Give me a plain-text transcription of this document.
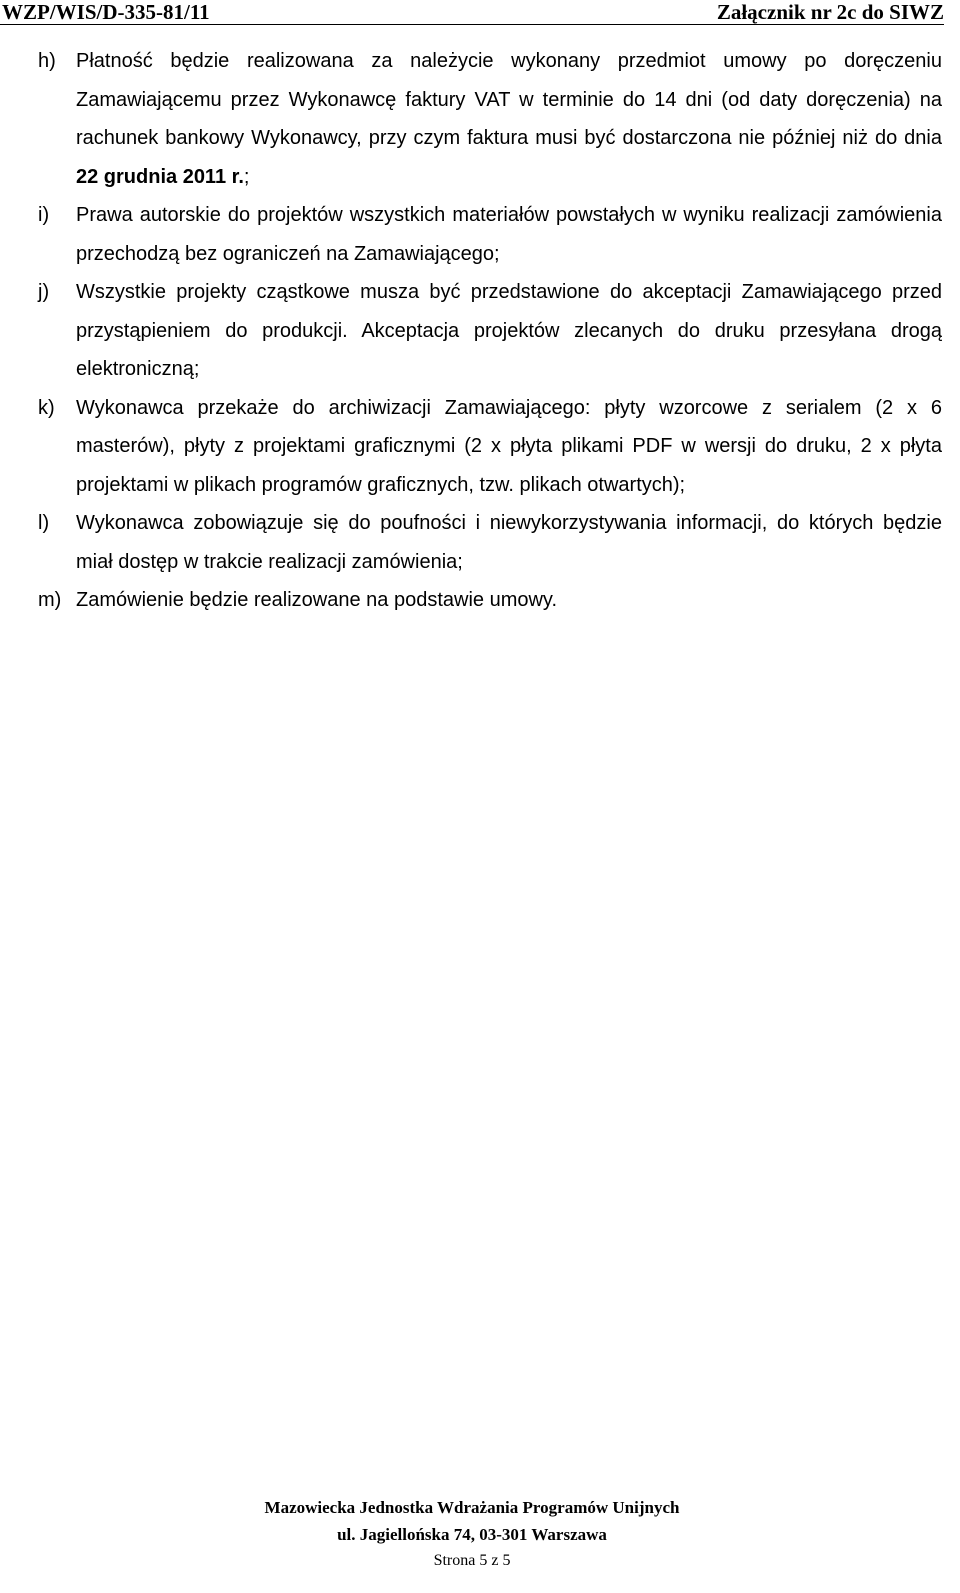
WZP/WIS/D-335-81/11	Załącznik nr 2c do SIWZ
h) Płatność będzie realizowana za należycie wykonany przedmiot umowy po doręczeniu Zamawiającemu przez Wykonawcę faktury VAT w terminie do 14 dni (od daty doręczenia) na rachunek bankowy Wykonawcy, przy czym faktura musi być dostarczona nie później niż do dnia 22 grudnia 2011 r.;
i) Prawa autorskie do projektów wszystkich materiałów powstałych w wyniku realizacji zamówienia przechodzą bez ograniczeń na Zamawiającego;
j) Wszystkie projekty cząstkowe musza być przedstawione do akceptacji Zamawiającego przed przystąpieniem do produkcji. Akceptacja projektów zlecanych do druku przesyłana drogą elektroniczną;
k) Wykonawca przekaże do archiwizacji Zamawiającego: płyty wzorcowe z serialem (2 x 6 masterów), płyty z projektami graficznymi (2 x płyta plikami PDF w wersji do druku, 2 x płyta projektami w plikach programów graficznych, tzw. plikach otwartych);
l) Wykonawca zobowiązuje się do poufności i niewykorzystywania informacji, do których będzie miał dostęp w trakcie realizacji zamówienia;
m) Zamówienie będzie realizowane na podstawie umowy.
Mazowiecka Jednostka Wdrażania Programów Unijnych
ul. Jagiellońska 74, 03-301 Warszawa
Strona 5 z 5
